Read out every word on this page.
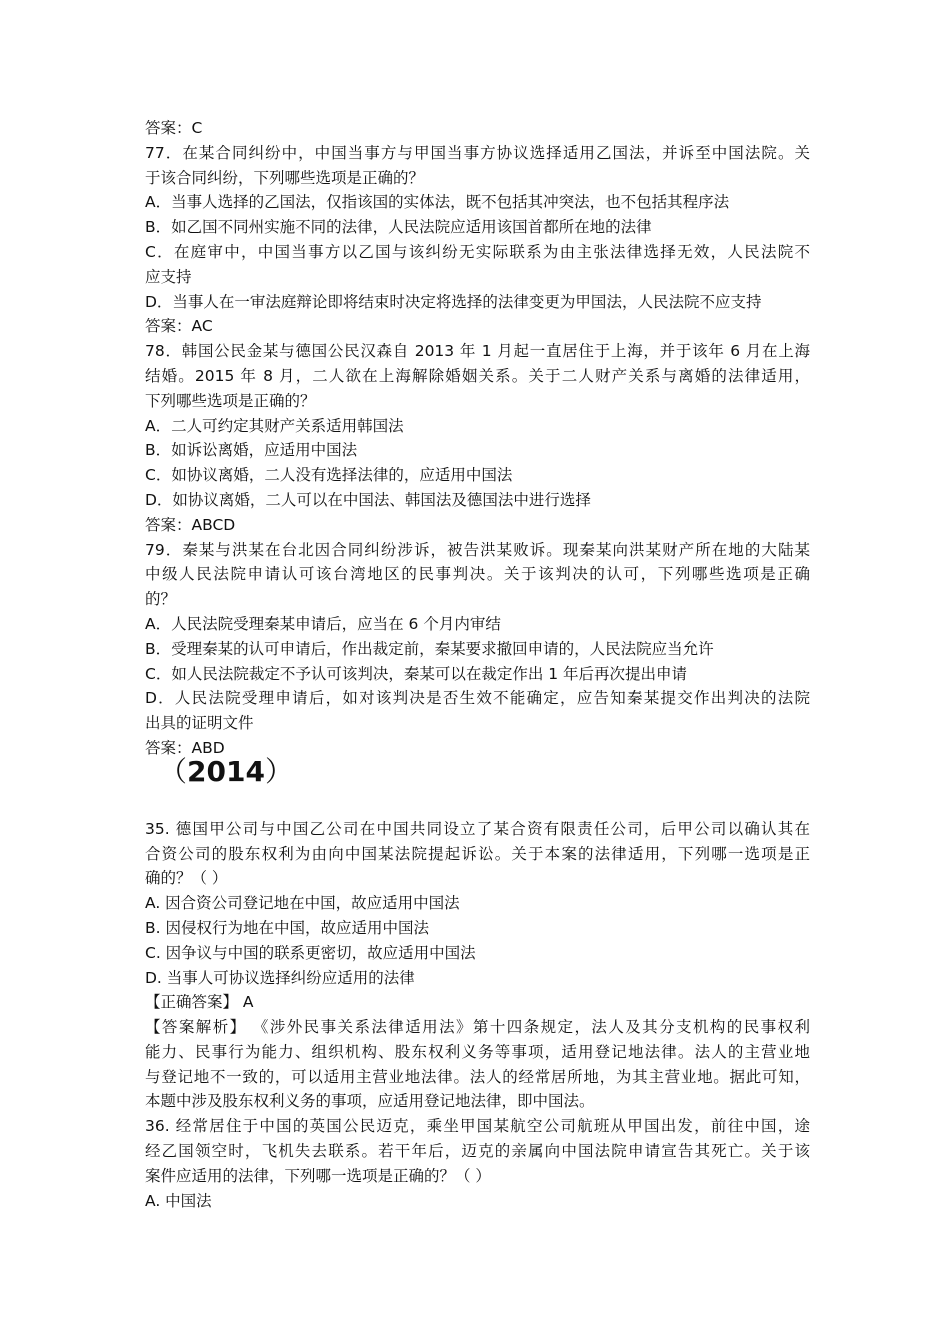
答案：C
77．在某合同纠纷中，中国当事方与甲国当事方协议选择适用乙国法，并诉至中国法院。关
于该合同纠纷，下列哪些选项是正确的？
A．当事人选择的乙国法，仅指该国的实体法，既不包括其冲突法，也不包括其程序法
B．如乙国不同州实施不同的法律，人民法院应适用该国首都所在地的法律
C．在庭审中，中国当事方以乙国与该纠纷无实际联系为由主张法律选择无效，人民法院不
应支持
D．当事人在一审法庭辩论即将结束时决定将选择的法律变更为甲国法，人民法院不应支持
答案：AC
78．韩国公民金某与德国公民汉森自 2013 年 1 月起一直居住于上海，并于该年 6 月在上海
结婚。2015 年 8 月，二人欲在上海解除婚姻关系。关于二人财产关系与离婚的法律适用，
下列哪些选项是正确的？
A．二人可约定其财产关系适用韩国法
B．如诉讼离婚，应适用中国法
C．如协议离婚，二人没有选择法律的，应适用中国法
D．如协议离婚，二人可以在中国法、韩国法及德国法中进行选择
答案：ABCD
79．秦某与洪某在台北因合同纠纷涉诉，被告洪某败诉。现秦某向洪某财产所在地的大陆某
中级人民法院申请认可该台湾地区的民事判决。关于该判决的认可，下列哪些选项是正确
的？
A．人民法院受理秦某申请后，应当在 6 个月内审结
B．受理秦某的认可申请后，作出裁定前，秦某要求撤回申请的，人民法院应当允许
C．如人民法院裁定不予认可该判决，秦某可以在裁定作出 1 年后再次提出申请
D．人民法院受理申请后，如对该判决是否生效不能确定，应告知秦某提交作出判决的法院
出具的证明文件
答案：ABD
（2014）
35. 德国甲公司与中国乙公司在中国共同设立了某合资有限责任公司，后甲公司以确认其在
合资公司的股东权利为由向中国某法院提起诉讼。关于本案的法律适用，下列哪一选项是正
确的？（ ）
A. 因合资公司登记地在中国，故应适用中国法
B. 因侵权行为地在中国，故应适用中国法
C. 因争议与中国的联系更密切，故应适用中国法
D. 当事人可协议选择纠纷应适用的法律
【正确答案】 A
【答案解析】 《涉外民事关系法律适用法》第十四条规定，法人及其分支机构的民事权利
能力、民事行为能力、组织机构、股东权利义务等事项，适用登记地法律。法人的主营业地
与登记地不一致的，可以适用主营业地法律。法人的经常居所地，为其主营业地。据此可知，
本题中涉及股东权利义务的事项，应适用登记地法律，即中国法。
36. 经常居住于中国的英国公民迈克，乘坐甲国某航空公司航班从甲国出发，前往中国，途
经乙国领空时，飞机失去联系。若干年后，迈克的亲属向中国法院申请宣告其死亡。关于该
案件应适用的法律，下列哪一选项是正确的？（ ）
A. 中国法
